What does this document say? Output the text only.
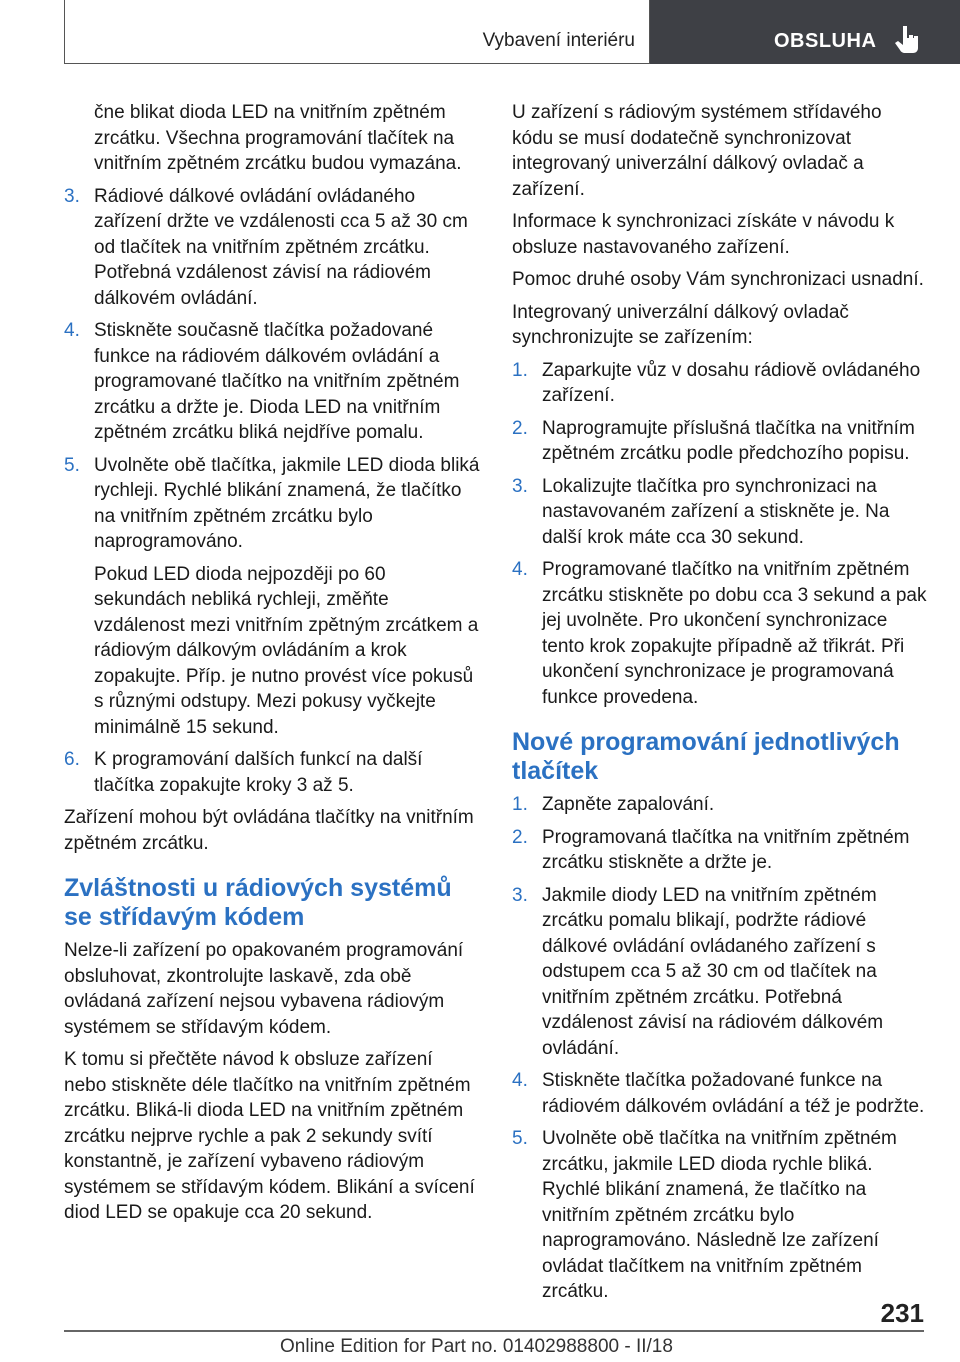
Vybavení interiéru	OBSLUHA
čne blikat dioda LED na vnitřním zpětném zrcátku. Všechna programování tlačítek na vnitřním zpětném zrcátku budou vymazána.
3. Rádiové dálkové ovládání ovládaného zařízení držte ve vzdálenosti cca 5 až 30 cm od tlačítek na vnitřním zpětném zrcátku. Potřebná vzdálenost závisí na rádiovém dálkovém ovládání.
4. Stiskněte současně tlačítka požadované funkce na rádiovém dálkovém ovládání a programované tlačítko na vnitřním zpětném zrcátku a držte je. Dioda LED na vnitřním zpětném zrcátku bliká nejdříve pomalu.
5. Uvolněte obě tlačítka, jakmile LED dioda bliká rychleji. Rychlé blikání znamená, že tlačítko na vnitřním zpětném zrcátku bylo naprogramováno.
Pokud LED dioda nejpozději po 60 sekundách nebliká rychleji, změňte vzdálenost mezi vnitřním zpětným zrcátkem a rádiovým dálkovým ovládáním a krok zopakujte. Příp. je nutno provést více pokusů s různými odstupy. Mezi pokusy vyčkejte minimálně 15 sekund.
6. K programování dalších funkcí na další tlačítka zopakujte kroky 3 až 5.
Zařízení mohou být ovládána tlačítky na vnitřním zpětném zrcátku.
Zvláštnosti u rádiových systémů se střídavým kódem
Nelze-li zařízení po opakovaném programování obsluhovat, zkontrolujte laskavě, zda obě ovládaná zařízení nejsou vybavena rádiovým systémem se střídavým kódem.
K tomu si přečtěte návod k obsluze zařízení nebo stiskněte déle tlačítko na vnitřním zpětném zrcátku. Bliká-li dioda LED na vnitřním zpětném zrcátku nejprve rychle a pak 2 sekundy svítí konstantně, je zařízení vybaveno rádiovým systémem se střídavým kódem. Blikání a svícení diod LED se opakuje cca 20 sekund.
U zařízení s rádiovým systémem střídavého kódu se musí dodatečně synchronizovat integrovaný univerzální dálkový ovladač a zařízení.
Informace k synchronizaci získáte v návodu k obsluze nastavovaného zařízení.
Pomoc druhé osoby Vám synchronizaci usnadní.
Integrovaný univerzální dálkový ovladač synchronizujte se zařízením:
1. Zaparkujte vůz v dosahu rádiově ovládaného zařízení.
2. Naprogramujte příslušná tlačítka na vnitřním zpětném zrcátku podle předchozího popisu.
3. Lokalizujte tlačítka pro synchronizaci na nastavovaném zařízení a stiskněte je. Na další krok máte cca 30 sekund.
4. Programované tlačítko na vnitřním zpětném zrcátku stiskněte po dobu cca 3 sekund a pak jej uvolněte. Pro ukončení synchronizace tento krok zopakujte případně až třikrát. Při ukončení synchronizace je programovaná funkce provedena.
Nové programování jednotlivých tlačítek
1. Zapněte zapalování.
2. Programovaná tlačítka na vnitřním zpětném zrcátku stiskněte a držte je.
3. Jakmile diody LED na vnitřním zpětném zrcátku pomalu blikají, podržte rádiové dálkové ovládání ovládaného zařízení s odstupem cca 5 až 30 cm od tlačítek na vnitřním zpětném zrcátku. Potřebná vzdálenost závisí na rádiovém dálkovém ovládání.
4. Stiskněte tlačítka požadované funkce na rádiovém dálkovém ovládání a též je podržte.
5. Uvolněte obě tlačítka na vnitřním zpětném zrcátku, jakmile LED dioda rychle bliká. Rychlé blikání znamená, že tlačítko na vnitřním zpětném zrcátku bylo naprogramováno. Následně lze zařízení ovládat tlačítkem na vnitřním zpětném zrcátku.
231
Online Edition for Part no. 01402988800 - II/18
